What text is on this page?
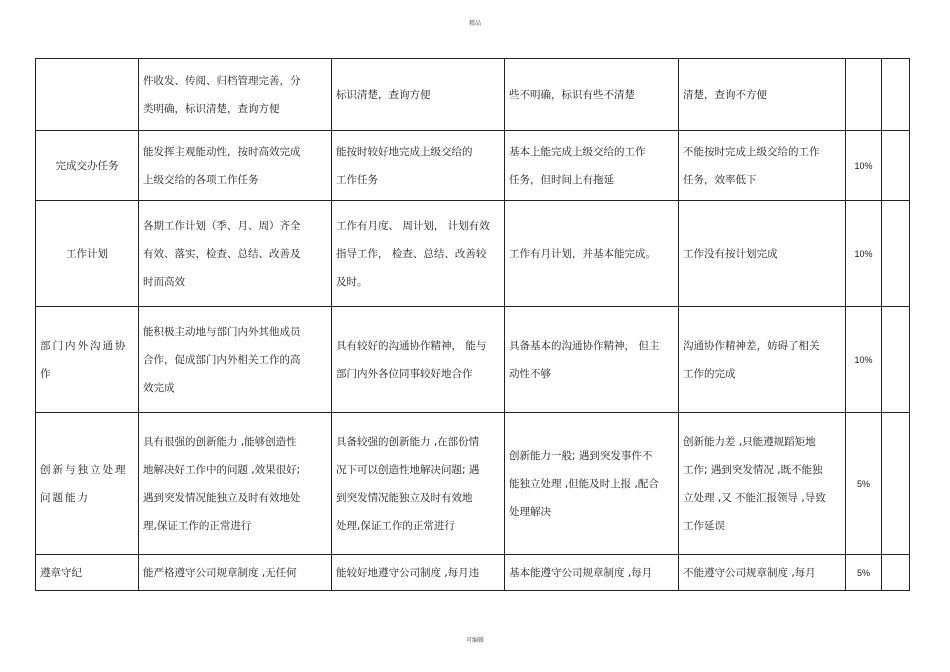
精品

	件收发、传阅、归档管理完善，分
类明确，标识清楚，查询方便	标识清楚，查询方便	些不明确，标识有些不清楚	清楚，查询不方便		

完成交办任务	能发挥主观能动性，按时高效完成
上级交给的各项工作任务	能按时较好地完成上级交给的
工作任务	基本上能完成上级交给的工作
任务，但时间上有拖延	不能按时完成上级交给的工作
任务，效率低下	10%	
工作计划	各期工作计划（季、月、周）齐全
有效、落实，检查、总结、改善及
时而高效	工作有月度、 周计划， 计划有效
指导工作， 检查、总结、改善较
及时。	工作有月计划，并基本能完成。	工作没有按计划完成	10%	
部门内外沟通协作	能积极主动地与部门内外其他成员
合作，促成部门内外相关工作的高
效完成	具有较好的沟通协作精神， 能与
部门内外各位同事较好地合作	具备基本的沟通协作精神， 但主
动性不够	沟通协作精神差，妨碍了相关
工作的完成	10%	
创新与独立处理问题能力	具有很强的创新能力 ,能够创造性
地解决好工作中的问题 ,效果很好;
遇到突发情况能独立及时有效地处
理,保证工作的正常进行	具备较强的创新能力 ,在部份情
况下可以创造性地解决问题; 遇
到突发情况能独立及时有效地
处理,保证工作的正常进行	创新能力一般; 遇到突发事件不
能独立处理 ,但能及时上报 ,配合
处理解决	创新能力差 ,只能遵规蹈矩地
工作; 遇到突发情况 ,既不能独
立处理 ,又 不能汇报领导 ,导致
工作延误	5%	
遵章守纪	能严格遵守公司规章制度 ,无任何	能较好地遵守公司制度 ,每月违	基本能遵守公司规章制度 ,每月	不能遵守公司规章制度 ,每月	5%	
可编辑
